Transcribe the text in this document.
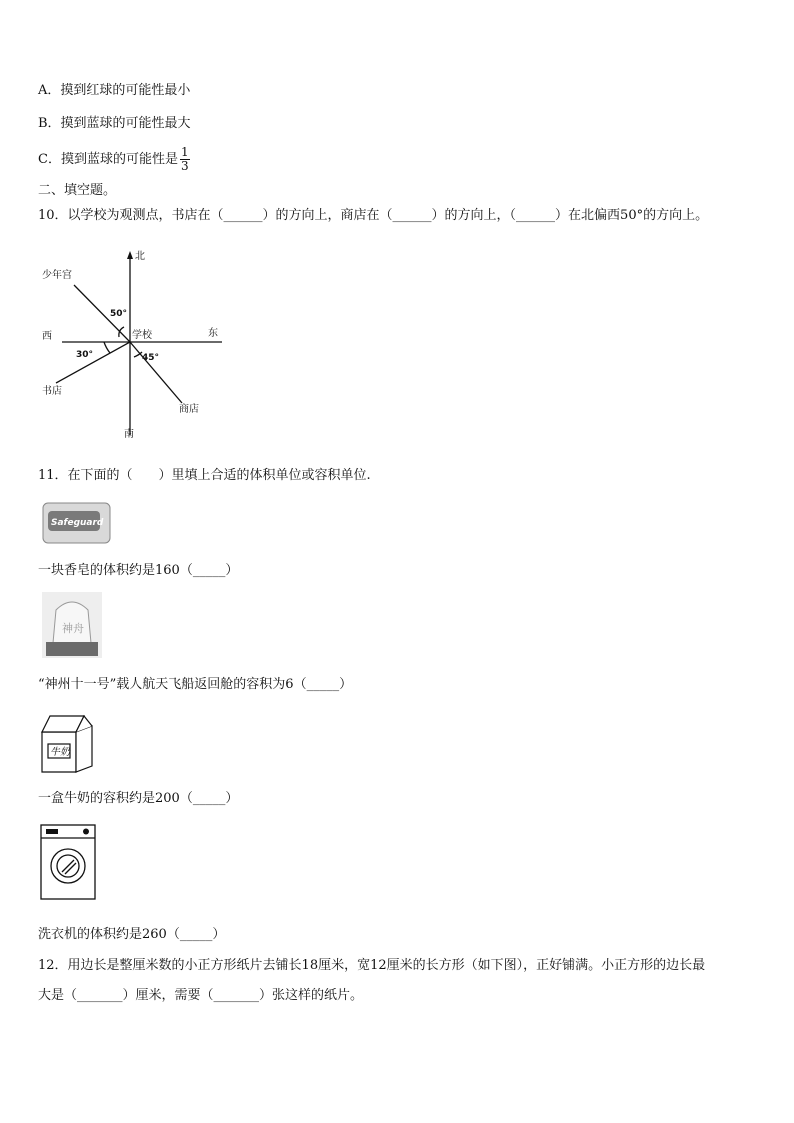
A．摸到红球的可能性最小
B．摸到蓝球的可能性最大
C．摸到蓝球的可能性是 $\frac{1}{3}$
二、填空题。
10．以学校为观测点，书店在（______）的方向上，商店在（______）的方向上，（______）在北偏西50°的方向上。
北
南
东
西	学校
少年宫
书店
商店
50°
30°	45°
11．在下面的（　　）里填上合适的体积单位或容积单位.
Safeguard
一块香皂的体积约是160（_____）
神舟
“神州十一号”载人航天飞船返回舱的容积为6（_____）
牛奶
一盒牛奶的容积约是200（_____）
洗衣机的体积约是260（_____）
12．用边长是整厘米数的小正方形纸片去铺长18厘米，宽12厘米的长方形（如下图），正好铺满。小正方形的边长最
大是（_______）厘米，需要（_______）张这样的纸片。
